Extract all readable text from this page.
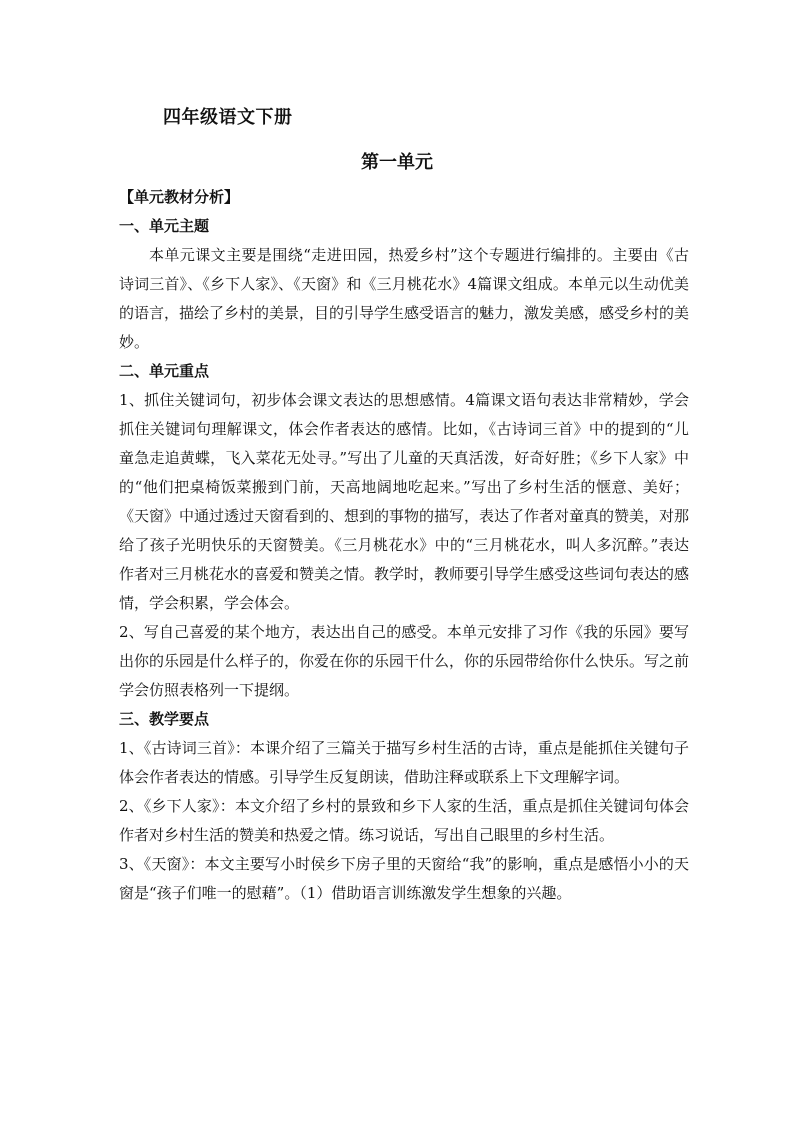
四年级语文下册
第一单元

【单元教材分析】

一、单元主题

本单元课文主要是围绕“走进田园，热爱乡村”这个专题进行编排的。主要由《古诗词三首》、《乡下人家》、《天窗》和《三月桃花水》4篇课文组成。本单元以生动优美的语言，描绘了乡村的美景，目的引导学生感受语言的魅力，激发美感，感受乡村的美妙。

二、单元重点

1、抓住关键词句，初步体会课文表达的思想感情。4篇课文语句表达非常精妙，学会抓住关键词句理解课文，体会作者表达的感情。比如，《古诗词三首》中的提到的“儿童急走追黄蝶，飞入菜花无处寻。”写出了儿童的天真活泼，好奇好胜；《乡下人家》中的“他们把桌椅饭菜搬到门前，天高地阔地吃起来。”写出了乡村生活的惬意、美好；《天窗》中通过透过天窗看到的、想到的事物的描写，表达了作者对童真的赞美，对那给了孩子光明快乐的天窗赞美。《三月桃花水》中的“三月桃花水，叫人多沉醉。”表达作者对三月桃花水的喜爱和赞美之情。教学时，教师要引导学生感受这些词句表达的感情，学会积累，学会体会。

2、写自己喜爱的某个地方，表达出自己的感受。本单元安排了习作《我的乐园》要写出你的乐园是什么样子的，你爱在你的乐园干什么，你的乐园带给你什么快乐。写之前学会仿照表格列一下提纲。

三、教学要点

1、《古诗词三首》：本课介绍了三篇关于描写乡村生活的古诗，重点是能抓住关键句子体会作者表达的情感。引导学生反复朗读，借助注释或联系上下文理解字词。

2、《乡下人家》：本文介绍了乡村的景致和乡下人家的生活，重点是抓住关键词句体会作者对乡村生活的赞美和热爱之情。练习说话，写出自己眼里的乡村生活。

3、《天窗》：本文主要写小时侯乡下房子里的天窗给“我”的影响，重点是感悟小小的天窗是“孩子们唯一的慰藉”。（1）借助语言训练激发学生想象的兴趣。
